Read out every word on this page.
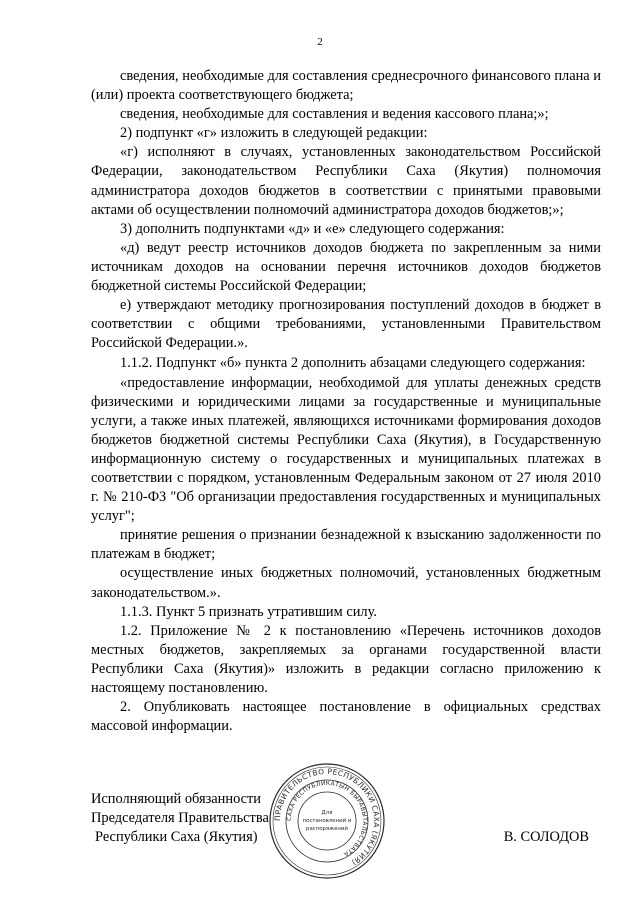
2

сведения, необходимые для составления среднесрочного финансового плана и (или) проекта соответствующего бюджета;

сведения, необходимые для составления и ведения кассового плана;»;

2) подпункт «г» изложить в следующей редакции:

«г) исполняют в случаях, установленных законодательством Российской Федерации, законодательством Республики Саха (Якутия) полномочия администратора доходов бюджетов в соответствии с принятыми правовыми актами об осуществлении полномочий администратора доходов бюджетов;»;

3) дополнить подпунктами «д» и «е» следующего содержания:

«д) ведут реестр источников доходов бюджета по закрепленным за ними источникам доходов на основании перечня источников доходов бюджетов бюджетной системы Российской Федерации;

е) утверждают методику прогнозирования поступлений доходов в бюджет в соответствии с общими требованиями, установленными Правительством Российской Федерации.».

1.1.2. Подпункт «б» пункта 2 дополнить абзацами следующего содержания:

«предоставление информации, необходимой для уплаты денежных средств физическими и юридическими лицами за государственные и муниципальные услуги, а также иных платежей, являющихся источниками формирования доходов бюджетов бюджетной системы Республики Саха (Якутия), в Государственную информационную систему о государственных и муниципальных платежах в соответствии с порядком, установленным Федеральным законом от 27 июля 2010 г. № 210-ФЗ "Об организации предоставления государственных и муниципальных услуг";

принятие решения о признании безнадежной к взысканию задолженности по платежам в бюджет;

осуществление иных бюджетных полномочий, установленных бюджетным законодательством.».

1.1.3. Пункт 5 признать утратившим силу.

1.2. Приложение № 2 к постановлению «Перечень источников доходов местных бюджетов, закрепляемых за органами государственной власти Республики Саха (Якутия)» изложить в редакции согласно приложению к настоящему постановлению.

2. Опубликовать настоящее постановление в официальных средствах массовой информации.

Исполняющий обязанности
Председателя Правительства
Республики Саха (Якутия)	В. СОЛОДОВ
ПРАВИТЕЛЬСТВО РЕСПУБЛИКИ САХА (ЯКУТИЯ)
САХА РЕСПУБЛИКАТЫН БЫРАВЫТАЛЬСТВАТА
Для
постановлений и
распоряжений
